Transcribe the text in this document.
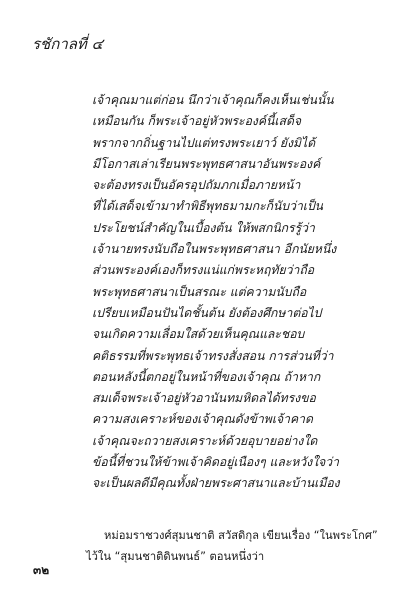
รชักาลที่ ๔
เจ้าคุณมาแต่ก่อน นึกว่าเจ้าคุณก็คงเห็นเช่นนั้น
เหมือนกัน ก็พระเจ้าอยู่หัวพระองค์นี้เสด็จ
พรากจากถิ่นฐานไปแต่ทรงพระเยาว์ ยังมิได้
มีโอกาสเล่าเรียนพระพุทธศาสนาอันพระองค์
จะต้องทรงเป็นอัครอุปถัมภกเมื่อภายหน้า
ที่ได้เสด็จเข้ามาทำพิธีพุทธมามกะก็นับว่าเป็น
ประโยชน์สำคัญในเบื้องต้น ให้พสกนิกรรู้ว่า
เจ้านายทรงนับถือในพระพุทธศาสนา อีกนัยหนึ่ง
ส่วนพระองค์เองก็ทรงแน่แก่พระหฤทัยว่าถือ
พระพุทธศาสนาเป็นสรณะ แต่ความนับถือ
เปรียบเหมือนปันไดชั้นต้น ยังต้องศึกษาต่อไป
จนเกิดความเลื่อมใสด้วยเห็นคุณและชอบ
คติธรรมที่พระพุทธเจ้าทรงสั่งสอน การส่วนที่ว่า
ตอนหลังนี้ตกอยู่ในหน้าที่ของเจ้าคุณ ถ้าหาก
สมเด็จพระเจ้าอยู่หัวอานันทมหิดลได้ทรงขอ
ความสงเคราะห์ของเจ้าคุณดังข้าพเจ้าคาด
เจ้าคุณจะถวายสงเคราะห์ด้วยอุบายอย่างใด
ข้อนี้ที่ชวนให้ข้าพเจ้าคิดอยู่เนืองๆ และหวังใจว่า
จะเป็นผลดีมีคุณทั้งฝ่ายพระศาสนาและบ้านเมือง
หม่อมราชวงศ์สุมนชาติ สวัสดิกุล เขียนเรื่อง “ในพระโกศ”
ไว้ใน “สุมนชาติดินพนธ์” ตอนหนึ่งว่า
๓๒
